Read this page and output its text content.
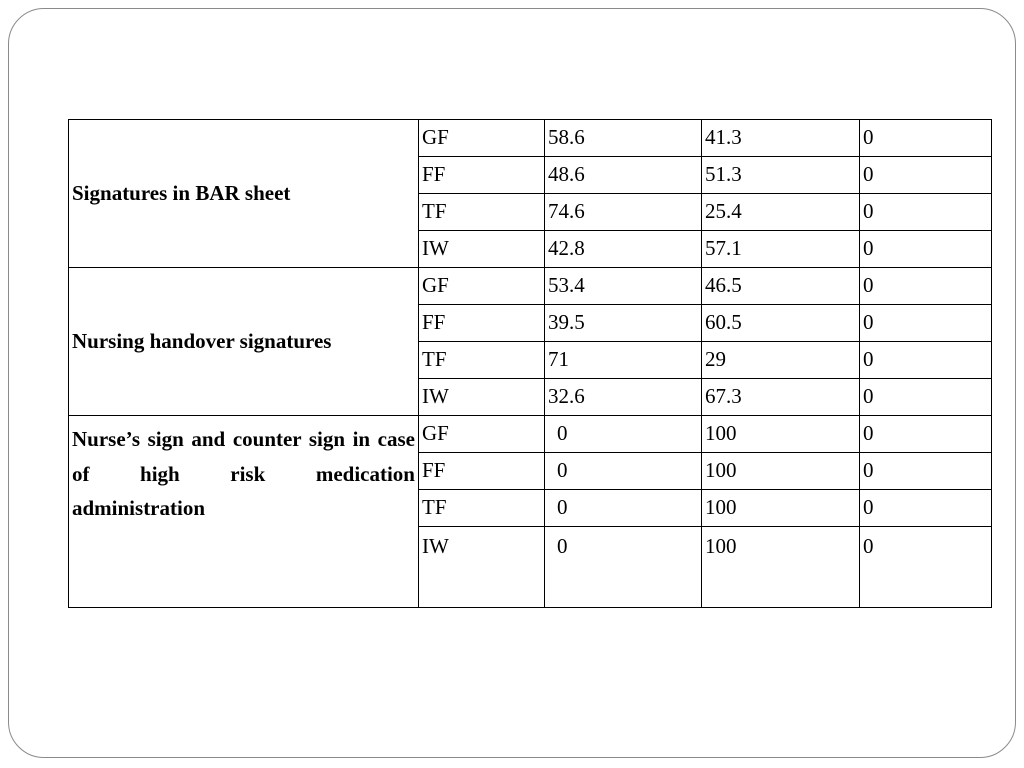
Signatures in BAR sheet	GF	58.6	41.3	0
	FF	48.6	51.3	0
	TF	74.6	25.4	0
	IW	42.8	57.1	0
Nursing handover signatures	GF	53.4	46.5	0
	FF	39.5	60.5	0
	TF	71	29	0
	IW	32.6	67.3	0
Nurse’s sign and counter sign in case of high risk medication administration	GF	0	100	0
	FF	0	100	0
	TF	0	100	0
	IW	0	100	0
